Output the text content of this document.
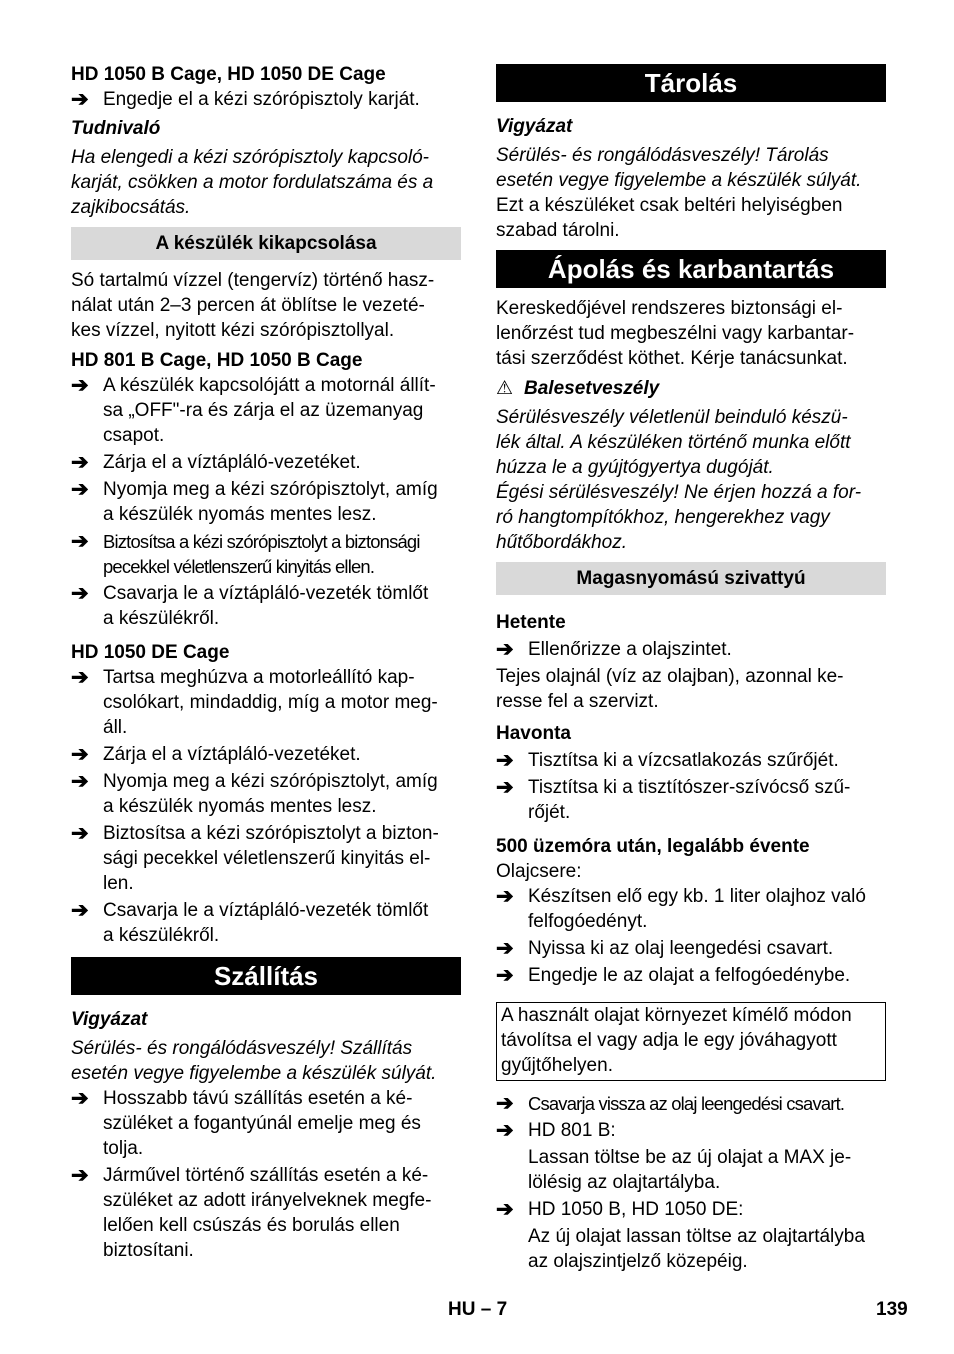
HD 1050 B Cage, HD 1050 DE Cage

➔ Engedje el a kézi szórópisztoly karját.

Tudnivaló

Ha elengedi a kézi szórópisztoly kapcsoló-

karját, csökken a motor fordulatszáma és a

zajkibocsátás.

A készülék kikapcsolása

Só tartalmú vízzel (tengervíz) történő hasz-

nálat után 2–3 percen át öblítse le vezeté-

kes vízzel, nyitott kézi szórópisztollyal.

HD 801 B Cage, HD 1050 B Cage

➔ A készülék kapcsolójátt a motornál állít-

sa „OFF"-ra és zárja el az üzemanyag

csapot.

➔ Zárja el a víztápláló-vezetéket.

➔ Nyomja meg a kézi szórópisztolyt, amíg

a készülék nyomás mentes lesz.

➔ Biztosítsa a kézi szórópisztolyt a biztonsági

pecekkel véletlenszerű kinyitás ellen.

➔ Csavarja le a víztápláló-vezeték tömlőt

a készülékről.

HD 1050 DE Cage

➔ Tartsa meghúzva a motorleállító kap-

csolókart, mindaddig, míg a motor meg-

áll.

➔ Zárja el a víztápláló-vezetéket.

➔ Nyomja meg a kézi szórópisztolyt, amíg

a készülék nyomás mentes lesz.

➔ Biztosítsa a kézi szórópisztolyt a bizton-

sági pecekkel véletlenszerű kinyitás el-

len.

➔ Csavarja le a víztápláló-vezeték tömlőt

a készülékről.

Szállítás

Vigyázat

Sérülés- és rongálódásveszély! Szállítás

esetén vegye figyelembe a készülék súlyát.

➔ Hosszabb távú szállítás esetén a ké-

szüléket a fogantyúnál emelje meg és

tolja.

➔ Járművel történő szállítás esetén a ké-

szüléket az adott irányelveknek megfe-

lelően kell csúszás és borulás ellen

biztosítani.

Tárolás

Vigyázat

Sérülés- és rongálódásveszély! Tárolás

esetén vegye figyelembe a készülék súlyát.

Ezt a készüléket csak beltéri helyiségben

szabad tárolni.

Ápolás és karbantartás

Kereskedőjével rendszeres biztonsági el-

lenőrzést tud megbeszélni vagy karbantar-

tási szerződést köthet. Kérje tanácsunkat.

⚠ Balesetveszély

Sérülésveszély véletlenül beinduló készü-

lék által. A készüléken történő munka előtt

húzza le a gyújtógyertya dugóját.

Égési sérülésveszély! Ne érjen hozzá a for-

ró hangtompítókhoz, hengerekhez vagy

hűtőbordákhoz.

Magasnyomású szivattyú

Hetente

➔ Ellenőrizze a olajszintet.

Tejes olajnál (víz az olajban), azonnal ke-

resse fel a szervizt.

Havonta

➔ Tisztítsa ki a vízcsatlakozás szűrőjét.

➔ Tisztítsa ki a tisztítószer-szívócső szű-

rőjét.

500 üzemóra után, legalább évente

Olajcsere:

➔ Készítsen elő egy kb. 1 liter olajhoz való

felfogóedényt.

➔ Nyissa ki az olaj leengedési csavart.

➔ Engedje le az olajat a felfogóedénybe.

A használt olajat környezet kímélő módon

távolítsa el vagy adja le egy jóváhagyott

gyűjtőhelyen.

➔ Csavarja vissza az olaj leengedési csavart.
➔ HD 801 B:

Lassan töltse be az új olajat a MAX je-

lölésig az olajtartályba.

➔ HD 1050 B, HD 1050 DE:

Az új olajat lassan töltse az olajtartályba

az olajszintjelző közepéig.

HU – 7	139
